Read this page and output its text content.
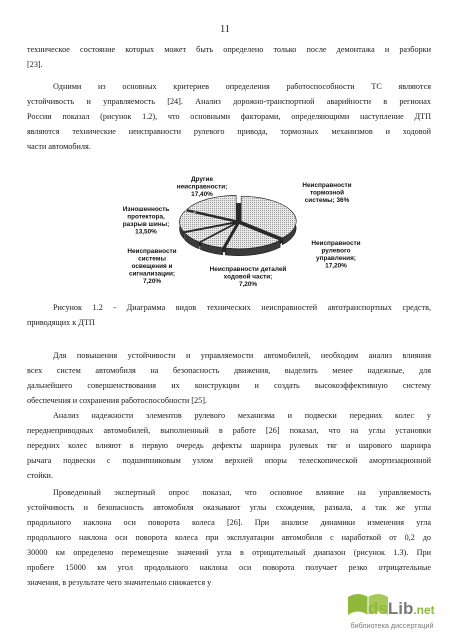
11

техническое состояние которых может быть определено только после демонтажа и разборки

[23].

Одними из основных критериев определения работоспособности ТС являются

устойчивость и управляемость [24]. Анализ дорожно-транспортной аварийности в регионах

России показал (рисунок 1.2), что основными факторами, определяющими наступление ДТП

являются технические неисправности рулевого привода, тормозных механизмов и ходовой

части автомобиля.

Другие неисправности; 17,40%
Неисправности тормозной системы; 36%
Изношенность протектора, разрыв шины; 13,50%
Неисправности рулевого управления; 17,20%
Неисправности системы освещения и сигнализации; 7,20%
Неисправности деталей ходовой части; 7,20%

Рисунок 1.2 - Диаграмма видов технических неисправностей автотранспортных средств,

приводящих к ДТП

Для повышения устойчивости и управляемости автомобилей, необходим анализ влияния

всех систем автомобиля на безопасность движения, выделить менее надежные, для

дальнейшего совершенствования их конструкции и создать высокоэффективную систему

обеспечения и сохранения работоспособности [25].

Анализ надежности элементов рулевого механизма и подвески передних колес у

переднеприводных автомобилей, выполненный в работе [26] показал, что на углы установки

передних колес влияют в первую очередь дефекты шарнира рулевых тяг и шарового шарнира

рычага подвески с подшипниковым узлом верхней опоры телескопической амортизационной

стойки.

Проведенный экспертный опрос показал, что основное влияние на управляемость

устойчивость и безопасность автомобиля оказывают углы схождения, развала, а так же углы

продольного наклона оси поворота колеса [26]. При анализе динамики изменения угла

продольного наклона оси поворота колеса при эксплуатации автомобиля с наработкой от 0,2 до

30000 км определено перемещение значений угла в отрицательный диапазон (рисунок 1.3). При

пробеге 15000 км угол продольного наклона оси поворота получает резко отрицательные

значения, в результате чего значительно снижается у

dsLib.net
библиотека диссертаций
